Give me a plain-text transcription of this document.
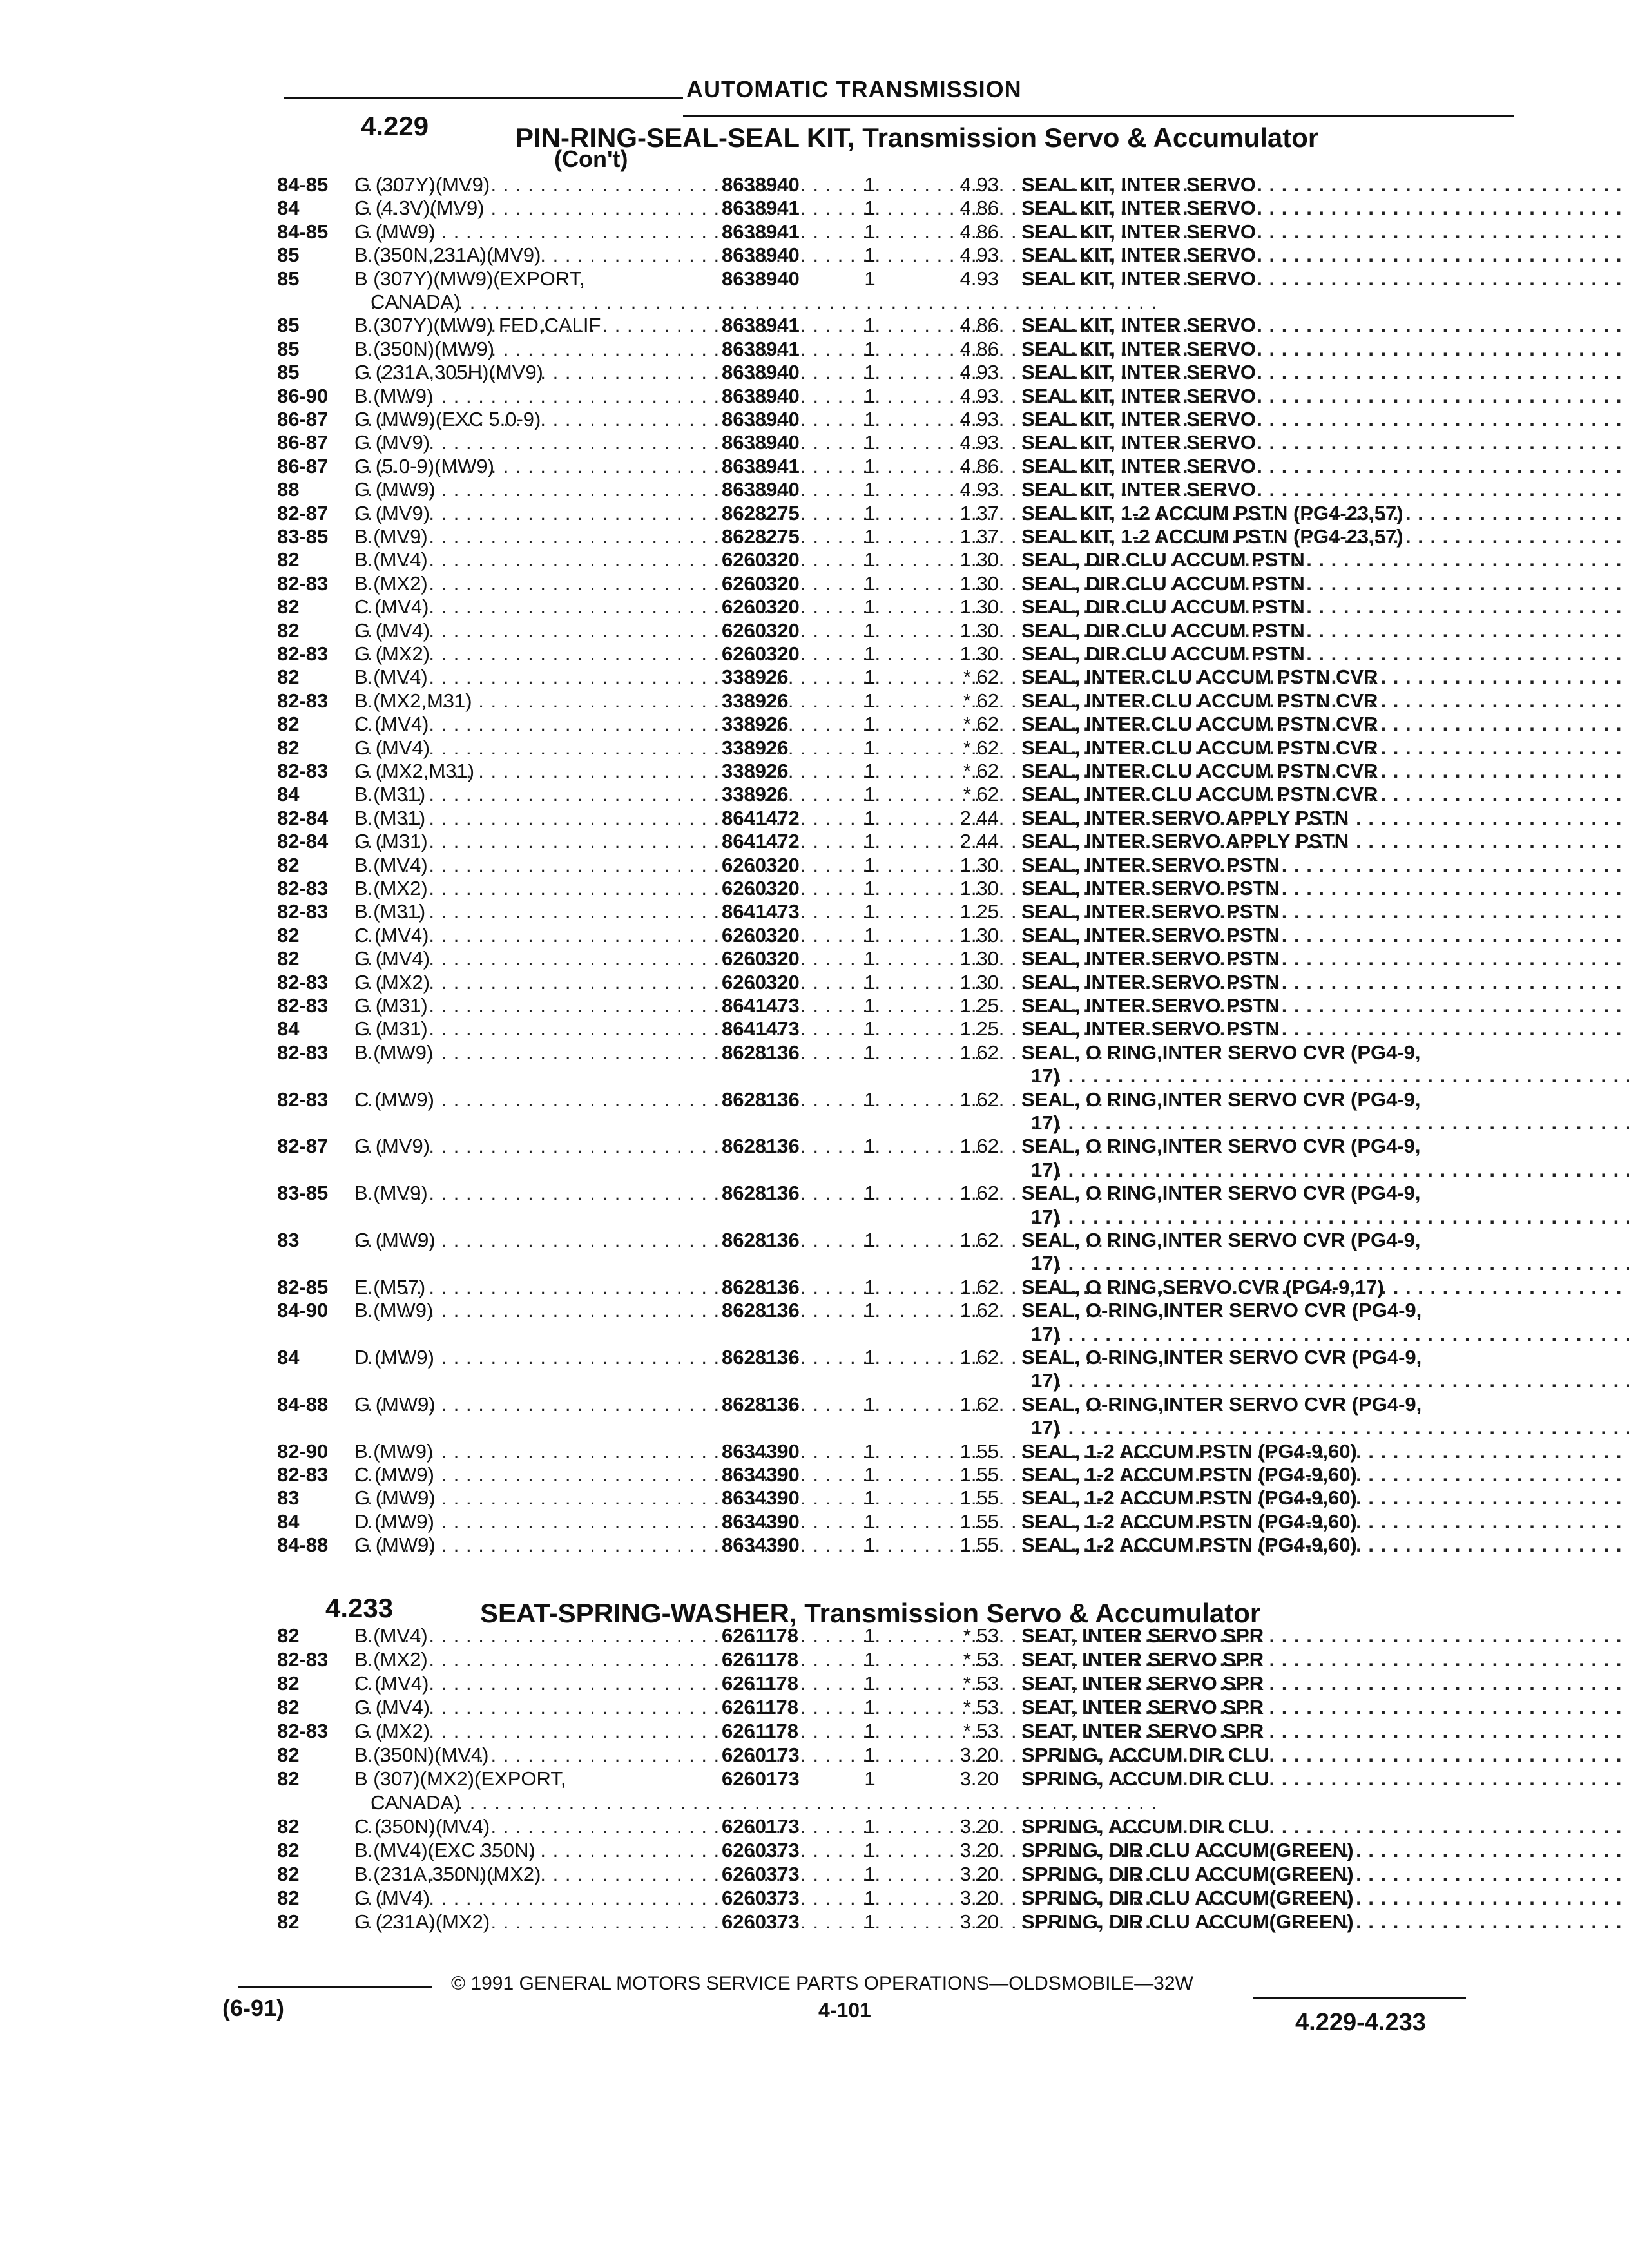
AUTOMATIC TRANSMISSION
4.229	PIN-RING-SEAL-SEAL KIT, Transmission Servo & Accumulator
(Con't)
84-85	G (307Y)(MV9) . . .	8638940	1	4.93 SEAL KIT, INTER SERVO
. . .
84	G (4.3V)(MV9) . . .	8638941	1	4.86 SEAL KIT, INTER SERVO
. . .
84-85	G (MW9) . . .	8638941	1	4.86 SEAL KIT, INTER SERVO
. . .
85	B (350N,231A)(MV9) . . .	8638940	1	4.93 SEAL KIT, INTER SERVO
. . .
85	B (307Y)(MW9)(EXPORT,	8638940	1	4.93 SEAL KIT, INTER SERVO
. . .
CANADA)
. . .
85	B (307Y)(MW9) FED,CALIF . . .	8638941	1	4.86 SEAL KIT, INTER SERVO
. . .
85	B (350N)(MW9) . . .	8638941	1	4.86 SEAL KIT, INTER SERVO
. . .
85	G (231A,305H)(MV9) . . .	8638940	1	4.93 SEAL KIT, INTER SERVO
. . .
86-90	B (MW9) . . .	8638940	1	4.93 SEAL KIT, INTER SERVO
. . .
86-87	G (MW9)(EXC 5.0-9) . . .	8638940	1	4.93 SEAL KIT, INTER SERVO
. . .
86-87	G (MV9) . . .	8638940	1	4.93 SEAL KIT, INTER SERVO
. . .
86-87	G (5.0-9)(MW9) . . .	8638941	1	4.86 SEAL KIT, INTER SERVO
. . .
88	G (MW9) . . .	8638940	1	4.93 SEAL KIT, INTER SERVO
. . .
82-87	G (MV9) . . .	8628275	1	1.37 SEAL KIT, 1-2 ACCUM PSTN (PG4-23,57)
. . .
83-85	B (MV9) . . .	8628275	1	1.37 SEAL KIT, 1-2 ACCUM PSTN (PG4-23,57)
. . .
82	B (MV4) . . .	6260320	1	1.30 SEAL, DIR CLU ACCUM PSTN
. . .
82-83	B (MX2) . . .	6260320	1	1.30 SEAL, DIR CLU ACCUM PSTN
. . .
82	C (MV4) . . .	6260320	1	1.30 SEAL, DIR CLU ACCUM PSTN
. . .
82	G (MV4) . . .	6260320	1	1.30 SEAL, DIR CLU ACCUM PSTN
. . .
82-83	G (MX2) . . .	6260320	1	1.30 SEAL, DIR CLU ACCUM PSTN
. . .
82	B (MV4) . . .	338926	1	*.62 SEAL, INTER CLU ACCUM PSTN CVR
. . .
82-83	B (MX2,M31) . . .	338926	1	*.62 SEAL, INTER CLU ACCUM PSTN CVR
. . .
82	C (MV4) . . .	338926	1	*.62 SEAL, INTER CLU ACCUM PSTN CVR
. . .
82	G (MV4) . . .	338926	1	*.62 SEAL, INTER CLU ACCUM PSTN CVR
. . .
82-83	G (MX2,M31) . . .	338926	1	*.62 SEAL, INTER CLU ACCUM PSTN CVR
. . .
84	B (M31) . . .	338926	1	*.62 SEAL, INTER CLU ACCUM PSTN CVR
. . .
82-84	B (M31) . . .	8641472	1	2.44 SEAL, INTER SERVO APPLY PSTN
. . .
82-84	G (M31) . . .	8641472	1	2.44 SEAL, INTER SERVO APPLY PSTN
. . .
82	B (MV4) . . .	6260320	1	1.30 SEAL, INTER SERVO PSTN
. . .
82-83	B (MX2) . . .	6260320	1	1.30 SEAL, INTER SERVO PSTN
. . .
82-83	B (M31) . . .	8641473	1	1.25 SEAL, INTER SERVO PSTN
. . .
82	C (MV4) . . .	6260320	1	1.30 SEAL, INTER SERVO PSTN
. . .
82	G (MV4) . . .	6260320	1	1.30 SEAL, INTER SERVO PSTN
. . .
82-83	G (MX2) . . .	6260320	1	1.30 SEAL, INTER SERVO PSTN
. . .
82-83	G (M31) . . .	8641473	1	1.25 SEAL, INTER SERVO PSTN
. . .
84	G (M31) . . .	8641473	1	1.25 SEAL, INTER SERVO PSTN
. . .
82-83	B (MW9) . . .	8628136	1	1.62 SEAL, O RING,INTER SERVO CVR (PG4-9,
17)
. . .
82-83	C (MW9) . . .	8628136	1	1.62 SEAL, O RING,INTER SERVO CVR (PG4-9,
17)
. . .
82-87	G (MV9) . . .	8628136	1	1.62 SEAL, O RING,INTER SERVO CVR (PG4-9,
17)
. . .
83-85	B (MV9) . . .	8628136	1	1.62 SEAL, O RING,INTER SERVO CVR (PG4-9,
17)
. . .
83	G (MW9) . . .	8628136	1	1.62 SEAL, O RING,INTER SERVO CVR (PG4-9,
17)
. . .
82-85	E (M57) . . .	8628136	1	1.62 SEAL, O RING,SERVO CVR (PG4-9,17)
. . .
84-90	B (MW9) . . .	8628136	1	1.62 SEAL, O-RING,INTER SERVO CVR (PG4-9,
17)
. . .
84	D (MW9) . . .	8628136	1	1.62 SEAL, O-RING,INTER SERVO CVR (PG4-9,
17)
. . .
84-88	G (MW9) . . .	8628136	1	1.62 SEAL, O-RING,INTER SERVO CVR (PG4-9,
17)
. . .
82-90	B (MW9) . . .	8634390	1	1.55 SEAL, 1-2 ACCUM PSTN (PG4-9,60)
. . .
82-83	C (MW9) . . .	8634390	1	1.55 SEAL, 1-2 ACCUM PSTN (PG4-9,60)
. . .
83	G (MW9) . . .	8634390	1	1.55 SEAL, 1-2 ACCUM PSTN (PG4-9,60)
. . .
84	D (MW9) . . .	8634390	1	1.55 SEAL, 1-2 ACCUM PSTN (PG4-9,60)
. . .
84-88	G (MW9) . . .	8634390	1	1.55 SEAL, 1-2 ACCUM PSTN (PG4-9,60)
. . .
4.233	SEAT-SPRING-WASHER, Transmission Servo & Accumulator
82	B (MV4) . . .	6261178	1	*.53 SEAT, INTER SERVO SPR
. . .
82-83	B (MX2) . . .	6261178	1	*.53 SEAT, INTER SERVO SPR
. . .
82	C (MV4) . . .	6261178	1	*.53 SEAT, INTER SERVO SPR
. . .
82	G (MV4) . . .	6261178	1	*.53 SEAT, INTER SERVO SPR
. . .
82-83	G (MX2) . . .	6261178	1	*.53 SEAT, INTER SERVO SPR
. . .
82	B (350N)(MV4) . . .	6260173	1	3.20 SPRING, ACCUM DIR CLU
. . .
82	B (307)(MX2)(EXPORT,	6260173	1	3.20 SPRING, ACCUM DIR CLU
. . .
CANADA)
. . .
82	C (350N)(MV4) . . .	6260173	1	3.20 SPRING, ACCUM DIR CLU
. . .
82	B (MV4)(EXC 350N) . . .	6260373	1	3.20 SPRING, DIR CLU ACCUM(GREEN)
. . .
82	B (231A,350N)(MX2) . . .	6260373	1	3.20 SPRING, DIR CLU ACCUM(GREEN)
. . .
82	G (MV4) . . .	6260373	1	3.20 SPRING, DIR CLU ACCUM(GREEN)
. . .
82	G (231A)(MX2) . . .	6260373	1	3.20 SPRING, DIR CLU ACCUM(GREEN)
. . .
© 1991 GENERAL MOTORS SERVICE PARTS OPERATIONS—OLDSMOBILE—32W
(6-91)	4-101	4.229-4.233
